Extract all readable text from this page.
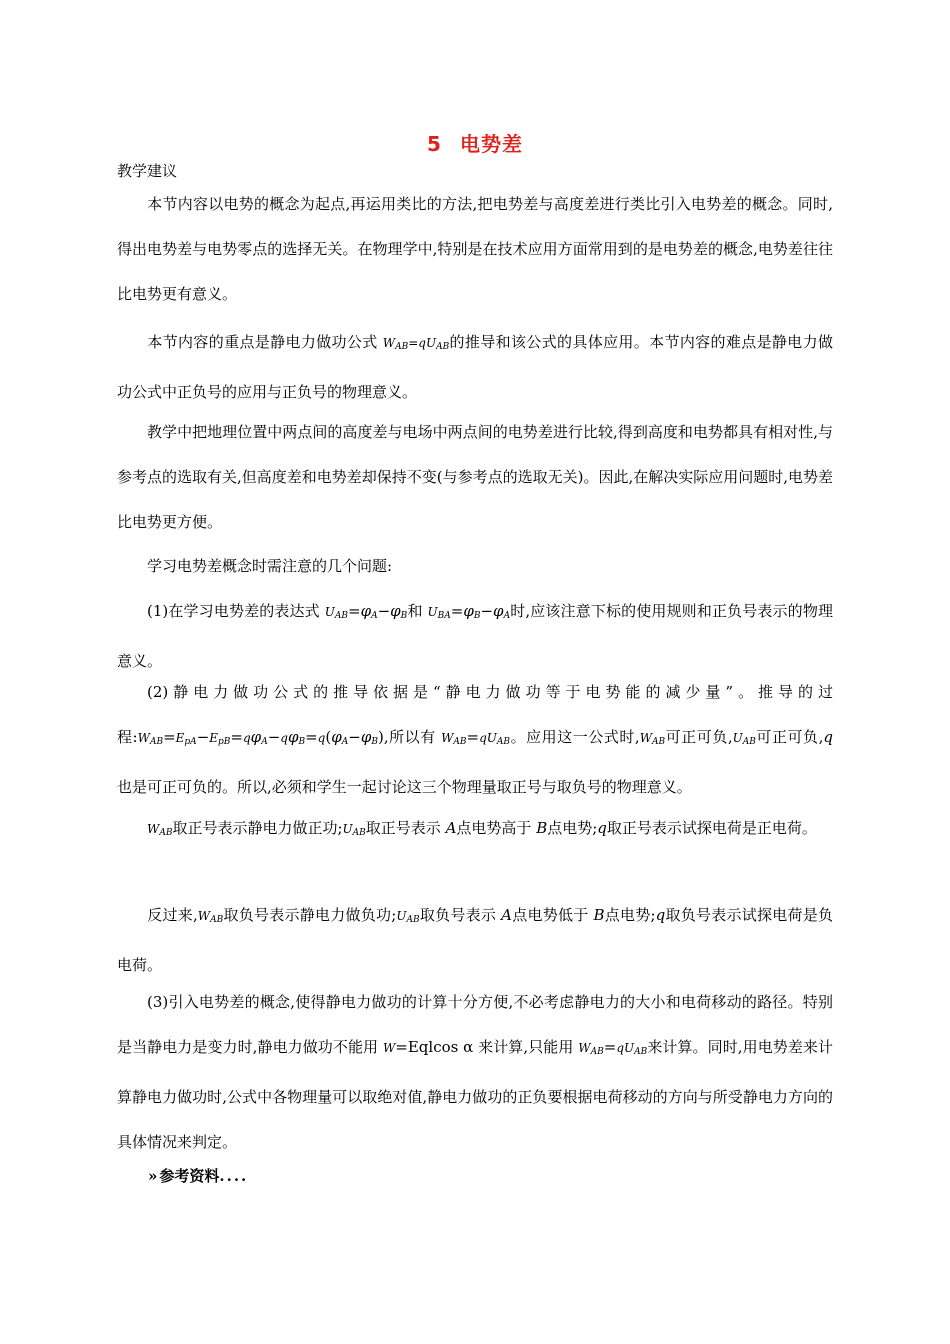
5 电势差
教学建议
本节内容以电势的概念为起点,再运用类比的方法,把电势差与高度差进行类比引入电势差的概念。同时,得出电势差与电势零点的选择无关。在物理学中,特别是在技术应用方面常用到的是电势差的概念,电势差往往比电势更有意义。
本节内容的重点是静电力做功公式 $W_{AB}=qU_{AB}$的推导和该公式的具体应用。本节内容的难点是静电力做功公式中正负号的应用与正负号的物理意义。
教学中把地理位置中两点间的高度差与电场中两点间的电势差进行比较,得到高度和电势都具有相对性,与参考点的选取有关,但高度差和电势差却保持不变(与参考点的选取无关)。因此,在解决实际应用问题时,电势差比电势更方便。
学习电势差概念时需注意的几个问题:
(1)在学习电势差的表达式 $U_{AB}=\varphi_A-\varphi_B$和 $U_{BA}=\varphi_B-\varphi_A$时,应该注意下标的使用规则和正负号表示的物理意义。
(2)静电力做功公式的推导依据是“静电力做功等于电势能的减少量”。推导的过程$:W_{AB}=E_{pA}-E_{pB}=q\varphi_A-q\varphi_B=q(\varphi_A-\varphi_B)$,所以有 $W_{AB}=qU_{AB}$。应用这一公式时$,W_{AB}$可正可负$,U_{AB}$可正可负,q也是可正可负的。所以,必须和学生一起讨论这三个物理量取正号与取负号的物理意义。
$W_{AB}$取正号表示静电力做正功$;U_{AB}$取正号表示 A点电势高于 B点电势;q取正号表示试探电荷是正电荷。
反过来$,W_{AB}$取负号表示静电力做负功$;U_{AB}$取负号表示 A点电势低于 B点电势;q取负号表示试探电荷是负电荷。
(3)引入电势差的概念,使得静电力做功的计算十分方便,不必考虑静电力的大小和电荷移动的路径。特别是当静电力是变力时,静电力做功不能用 W=Eqlcos α 来计算,只能用 $W_{AB}=qU_{AB}$来计算。同时,用电势差来计算静电力做功时,公式中各物理量可以取绝对值,静电力做功的正负要根据电荷移动的方向与所受静电力方向的具体情况来判定。
» 参考资料....
